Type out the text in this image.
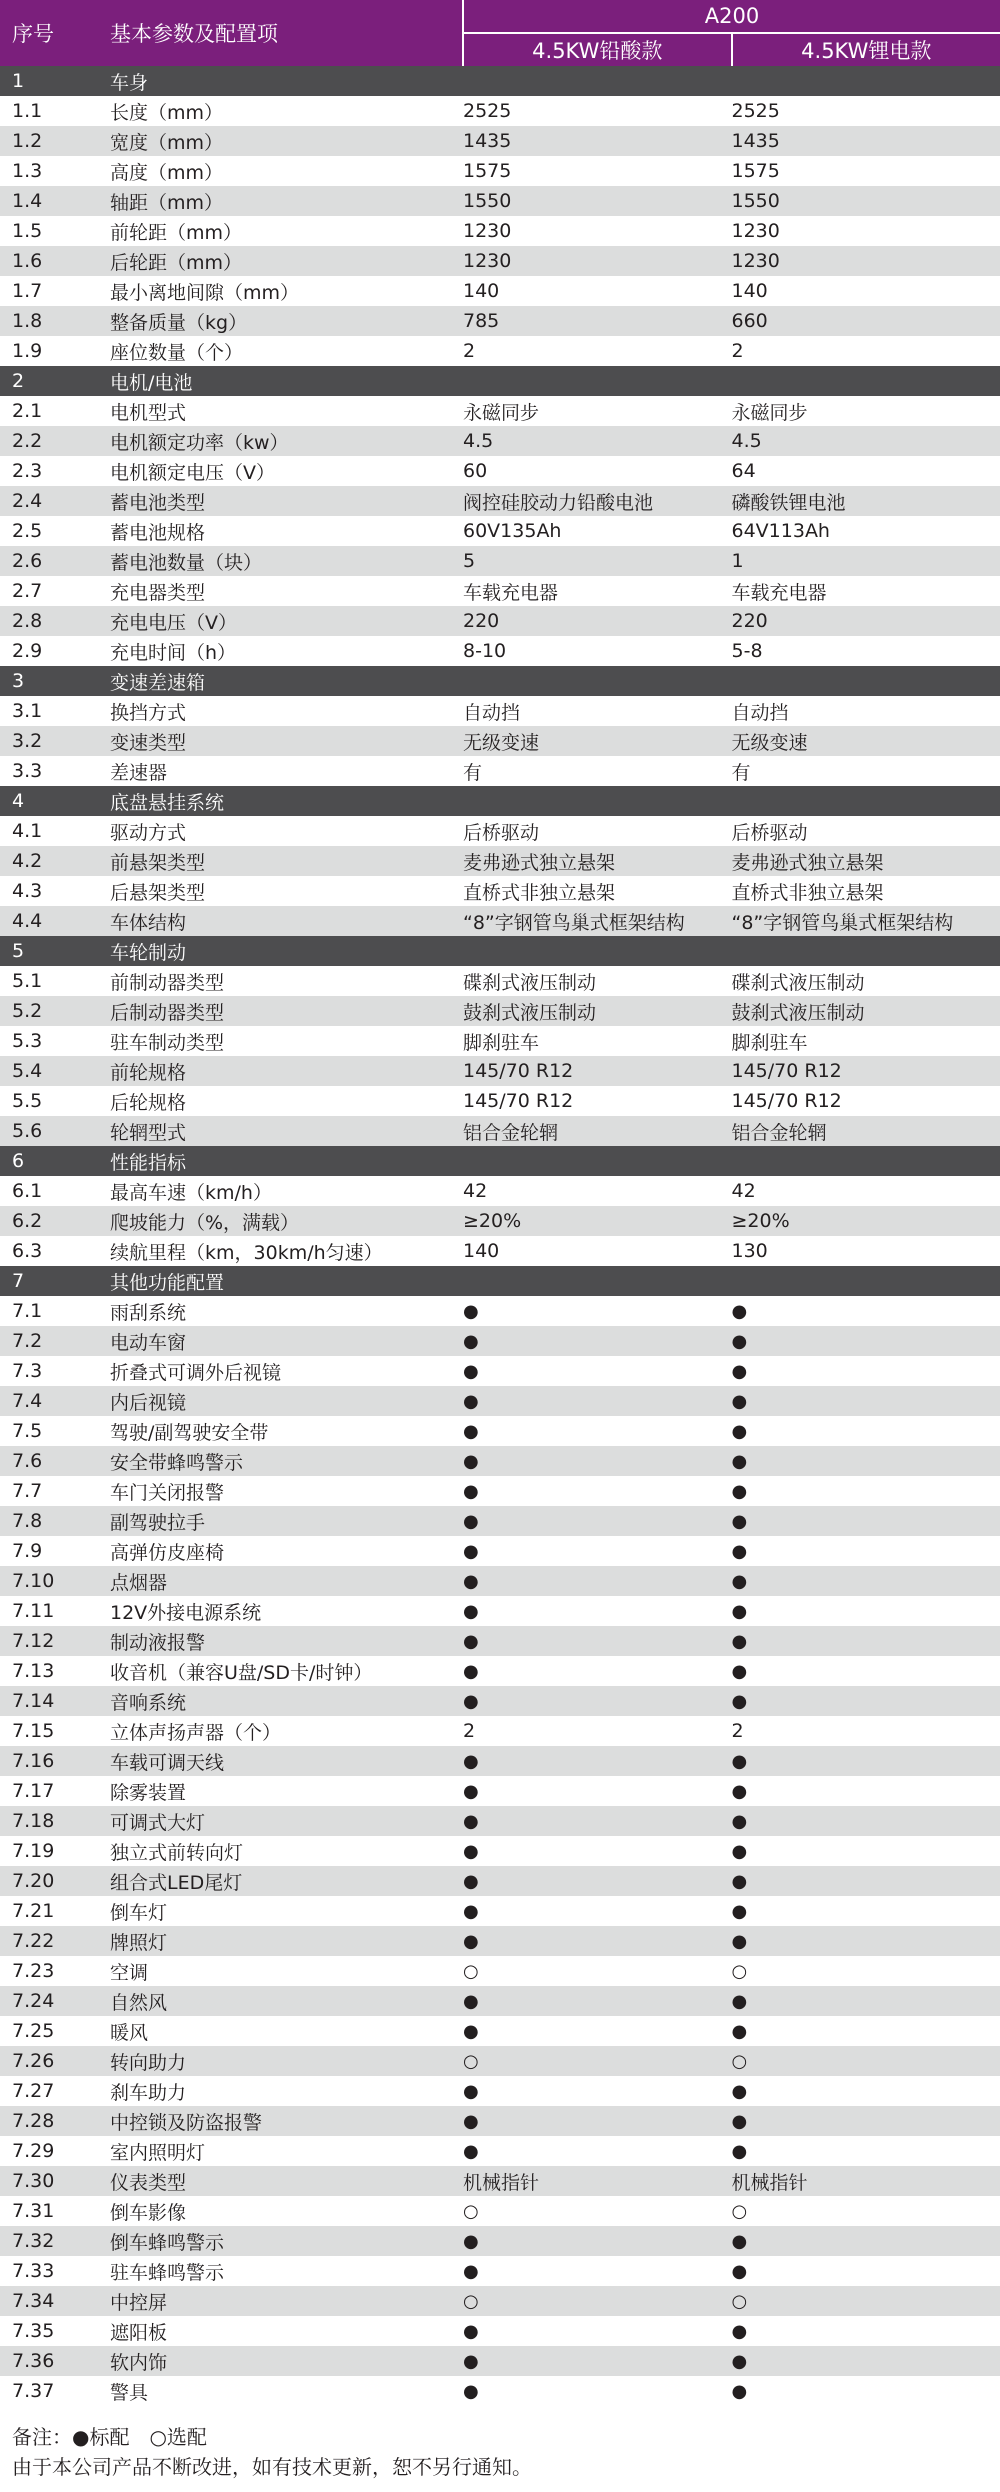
序号	基本参数及配置项	A200	
		4.5KW铅酸款	4.5KW锂电款
1	车身		
1.1	长度（mm）	2525	2525
1.2	宽度（mm）	1435	1435
1.3	高度（mm）	1575	1575
1.4	轴距（mm）	1550	1550
1.5	前轮距（mm）	1230	1230
1.6	后轮距（mm）	1230	1230
1.7	最小离地间隙（mm）	140	140
1.8	整备质量（kg）	785	660
1.9	座位数量（个）	2	2
2	电机/电池		
2.1	电机型式	永磁同步	永磁同步
2.2	电机额定功率（kw）	4.5	4.5
2.3	电机额定电压（V）	60	64
2.4	蓄电池类型	阀控硅胶动力铅酸电池	磷酸铁锂电池
2.5	蓄电池规格	60V135Ah	64V113Ah
2.6	蓄电池数量（块）	5	1
2.7	充电器类型	车载充电器	车载充电器
2.8	充电电压（V）	220	220
2.9	充电时间（h）	8-10	5-8
3	变速差速箱		
3.1	换挡方式	自动挡	自动挡
3.2	变速类型	无级变速	无级变速
3.3	差速器	有	有
4	底盘悬挂系统		
4.1	驱动方式	后桥驱动	后桥驱动
4.2	前悬架类型	麦弗逊式独立悬架	麦弗逊式独立悬架
4.3	后悬架类型	直桥式非独立悬架	直桥式非独立悬架
4.4	车体结构	“8”字钢管鸟巢式框架结构	“8”字钢管鸟巢式框架结构
5	车轮制动		
5.1	前制动器类型	碟刹式液压制动	碟刹式液压制动
5.2	后制动器类型	鼓刹式液压制动	鼓刹式液压制动
5.3	驻车制动类型	脚刹驻车	脚刹驻车
5.4	前轮规格	145/70 R12	145/70 R12
5.5	后轮规格	145/70 R12	145/70 R12
5.6	轮辋型式	铝合金轮辋	铝合金轮辋
6	性能指标		
6.1	最高车速（km/h）	42	42
6.2	爬坡能力（%，满载）	≥20%	≥20%
6.3	续航里程（km，30km/h匀速）	140	130
7	其他功能配置		
7.1	雨刮系统	●	●
7.2	电动车窗	●	●
7.3	折叠式可调外后视镜	●	●
7.4	内后视镜	●	●
7.5	驾驶/副驾驶安全带	●	●
7.6	安全带蜂鸣警示	●	●
7.7	车门关闭报警	●	●
7.8	副驾驶拉手	●	●
7.9	高弹仿皮座椅	●	●
7.10	点烟器	●	●
7.11	12V外接电源系统	●	●
7.12	制动液报警	●	●
7.13	收音机（兼容U盘/SD卡/时钟）	●	●
7.14	音响系统	●	●
7.15	立体声扬声器（个）	2	2
7.16	车载可调天线	●	●
7.17	除雾装置	●	●
7.18	可调式大灯	●	●
7.19	独立式前转向灯	●	●
7.20	组合式LED尾灯	●	●
7.21	倒车灯	●	●
7.22	牌照灯	●	●
7.23	空调	○	○
7.24	自然风	●	●
7.25	暖风	●	●
7.26	转向助力	○	○
7.27	刹车助力	●	●
7.28	中控锁及防盗报警	●	●
7.29	室内照明灯	●	●
7.30	仪表类型	机械指针	机械指针
7.31	倒车影像	○	○
7.32	倒车蜂鸣警示	●	●
7.33	驻车蜂鸣警示	●	●
7.34	中控屏	○	○
7.35	遮阳板	●	●
7.36	软内饰	●	●
7.37	警具	●	●
备注：●标配　○选配
由于本公司产品不断改进，如有技术更新，恕不另行通知。
